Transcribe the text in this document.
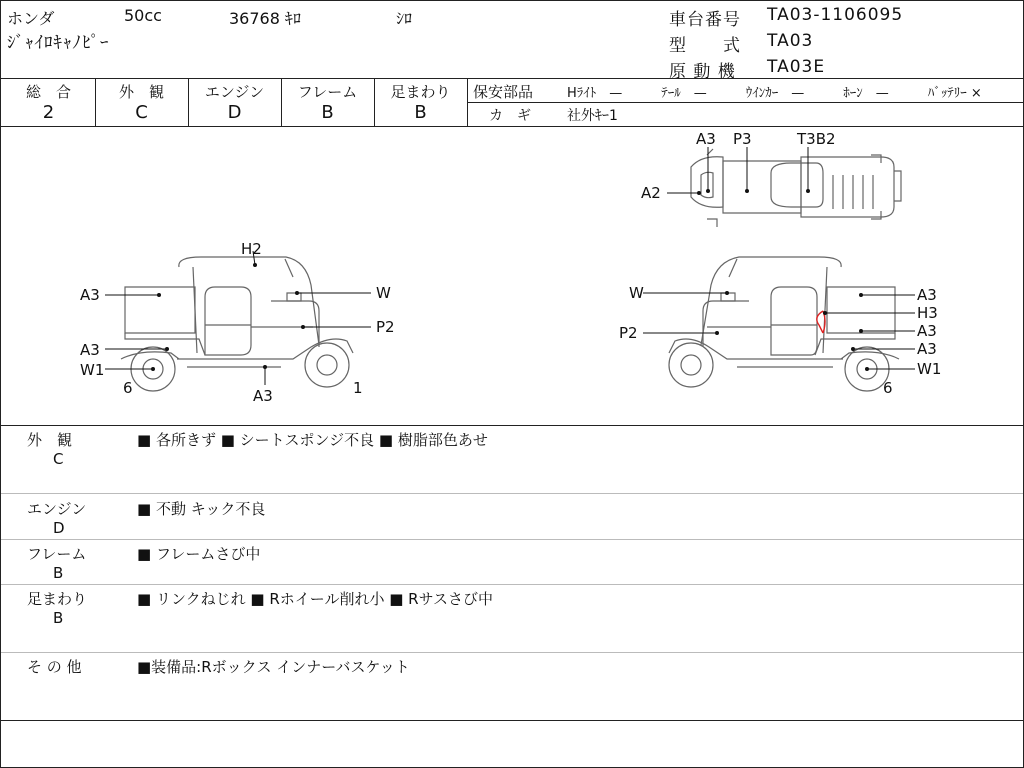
ホンダ	50cc	36768 ｷﾛ	ｼﾛ
ｼﾞｬｲﾛｷｬﾉﾋﾟｰ
車台番号 TA03-1106095
型　　式 TA03
原 動 機 TA03E
総　合	外　観	エンジン	フレーム	足まわり
2	C	D	B	B
保安部品	Hﾗｲﾄ　—　　　ﾃｰﾙ　—　　　ｳｲﾝｶｰ　—　　　ﾎｰﾝ　—　　　ﾊﾞｯﾃﾘｰ ×
カ　ギ	社外ｷｰ1
A3 P3	T3B2
A2
H2
A3	W
P2
A3
W1
6	A3	1
W
P2
A3
H3
A3
A3
W1
6
外　観
C
■ 各所きず ■ シートスポンジ不良 ■ 樹脂部色あせ
エンジン
D
■ 不動 キック不良
フレーム
B
■ フレームさび中
足まわり
B
■ リンクねじれ ■ Rホイール削れ小 ■ Rサスさび中
そ の 他	■装備品:Rボックス インナーバスケット
